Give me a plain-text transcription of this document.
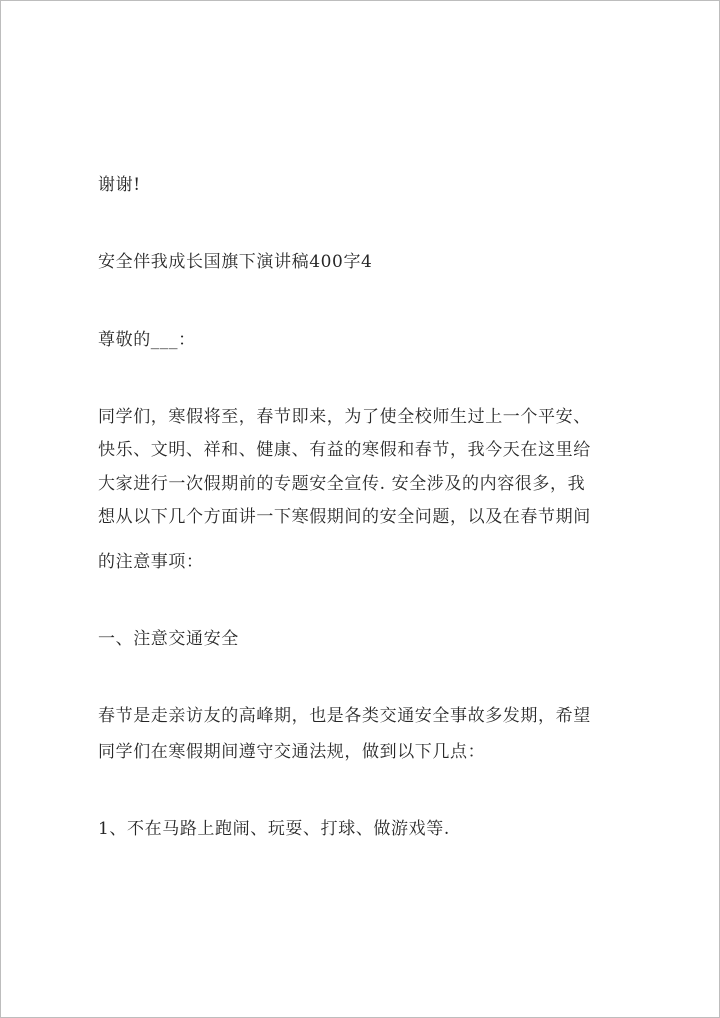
谢谢!

安全伴我成长国旗下演讲稿400字4

尊敬的___：

同学们，寒假将至，春节即来，为了使全校师生过上一个平安、

快乐、文明、祥和、健康、有益的寒假和春节，我今天在这里给

大家进行一次假期前的专题安全宣传. 安全涉及的内容很多，我

想从以下几个方面讲一下寒假期间的安全问题，以及在春节期间

的注意事项：

一、注意交通安全

春节是走亲访友的高峰期，也是各类交通安全事故多发期，希望

同学们在寒假期间遵守交通法规，做到以下几点：

1、不在马路上跑闹、玩耍、打球、做游戏等.
